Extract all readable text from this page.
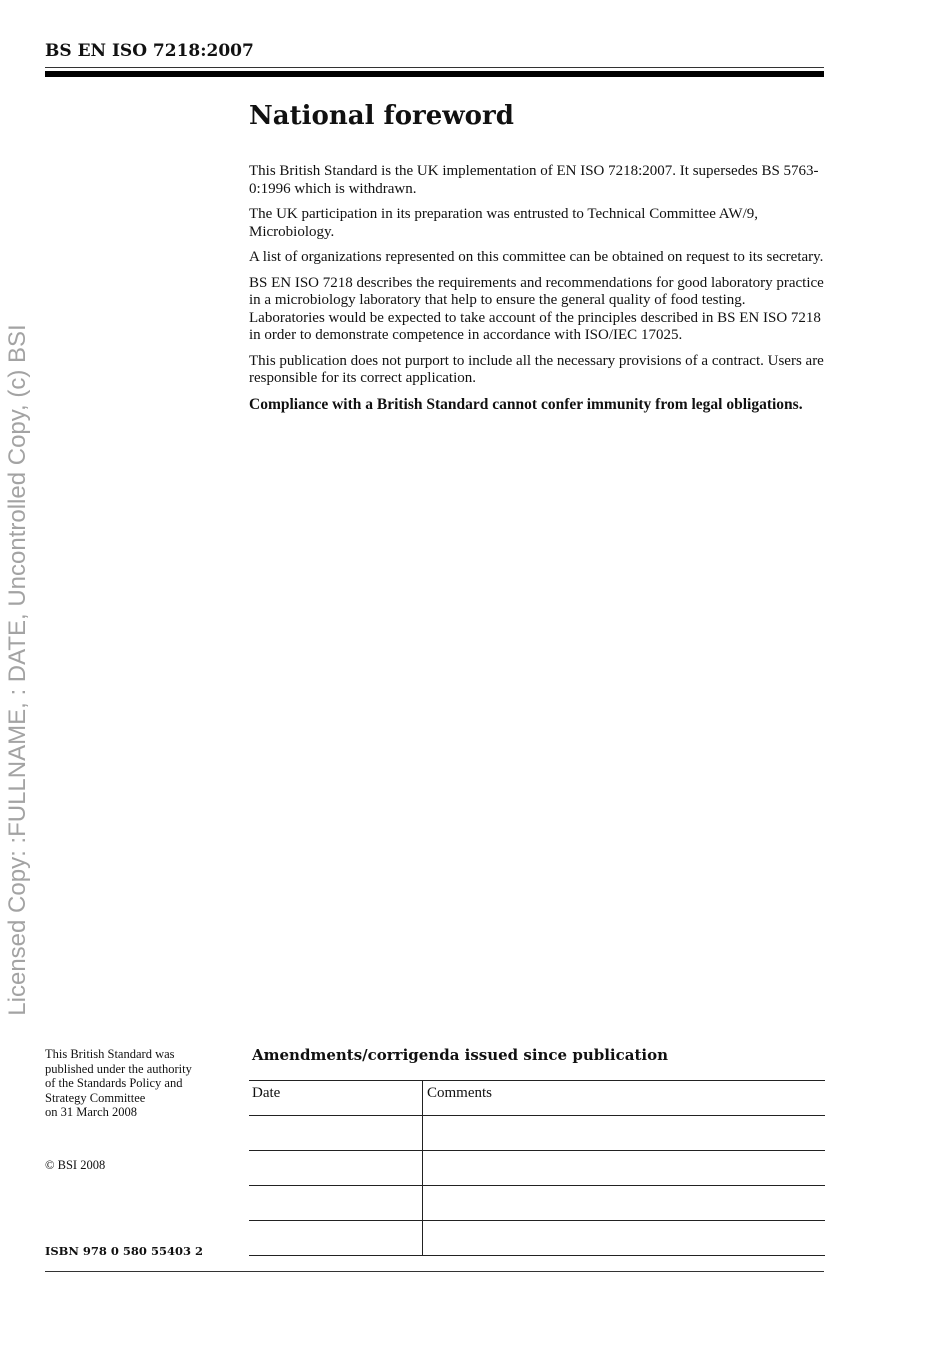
BS EN ISO 7218:2007
Licensed Copy: :FULLNAME, : DATE, Uncontrolled Copy, (c) BSI
National foreword

This British Standard is the UK implementation of EN ISO 7218:2007. It supersedes BS 5763-0:1996 which is withdrawn.

The UK participation in its preparation was entrusted to Technical Committee AW/9, Microbiology.

A list of organizations represented on this committee can be obtained on request to its secretary.

BS EN ISO 7218 describes the requirements and recommendations for good laboratory practice in a microbiology laboratory that help to ensure the general quality of food testing. Laboratories would be expected to take account of the principles described in BS EN ISO 7218 in order to demonstrate competence in accordance with ISO/IEC 17025.

This publication does not purport to include all the necessary provisions of a contract. Users are responsible for its correct application.

Compliance with a British Standard cannot confer immunity from legal obligations.

This British Standard was
published under the authority
of the Standards Policy and
Strategy Committee
on 31 March 2008
© BSI 2008
ISBN 978 0 580 55403 2
Amendments/corrigenda issued since publication
Date	Comments
